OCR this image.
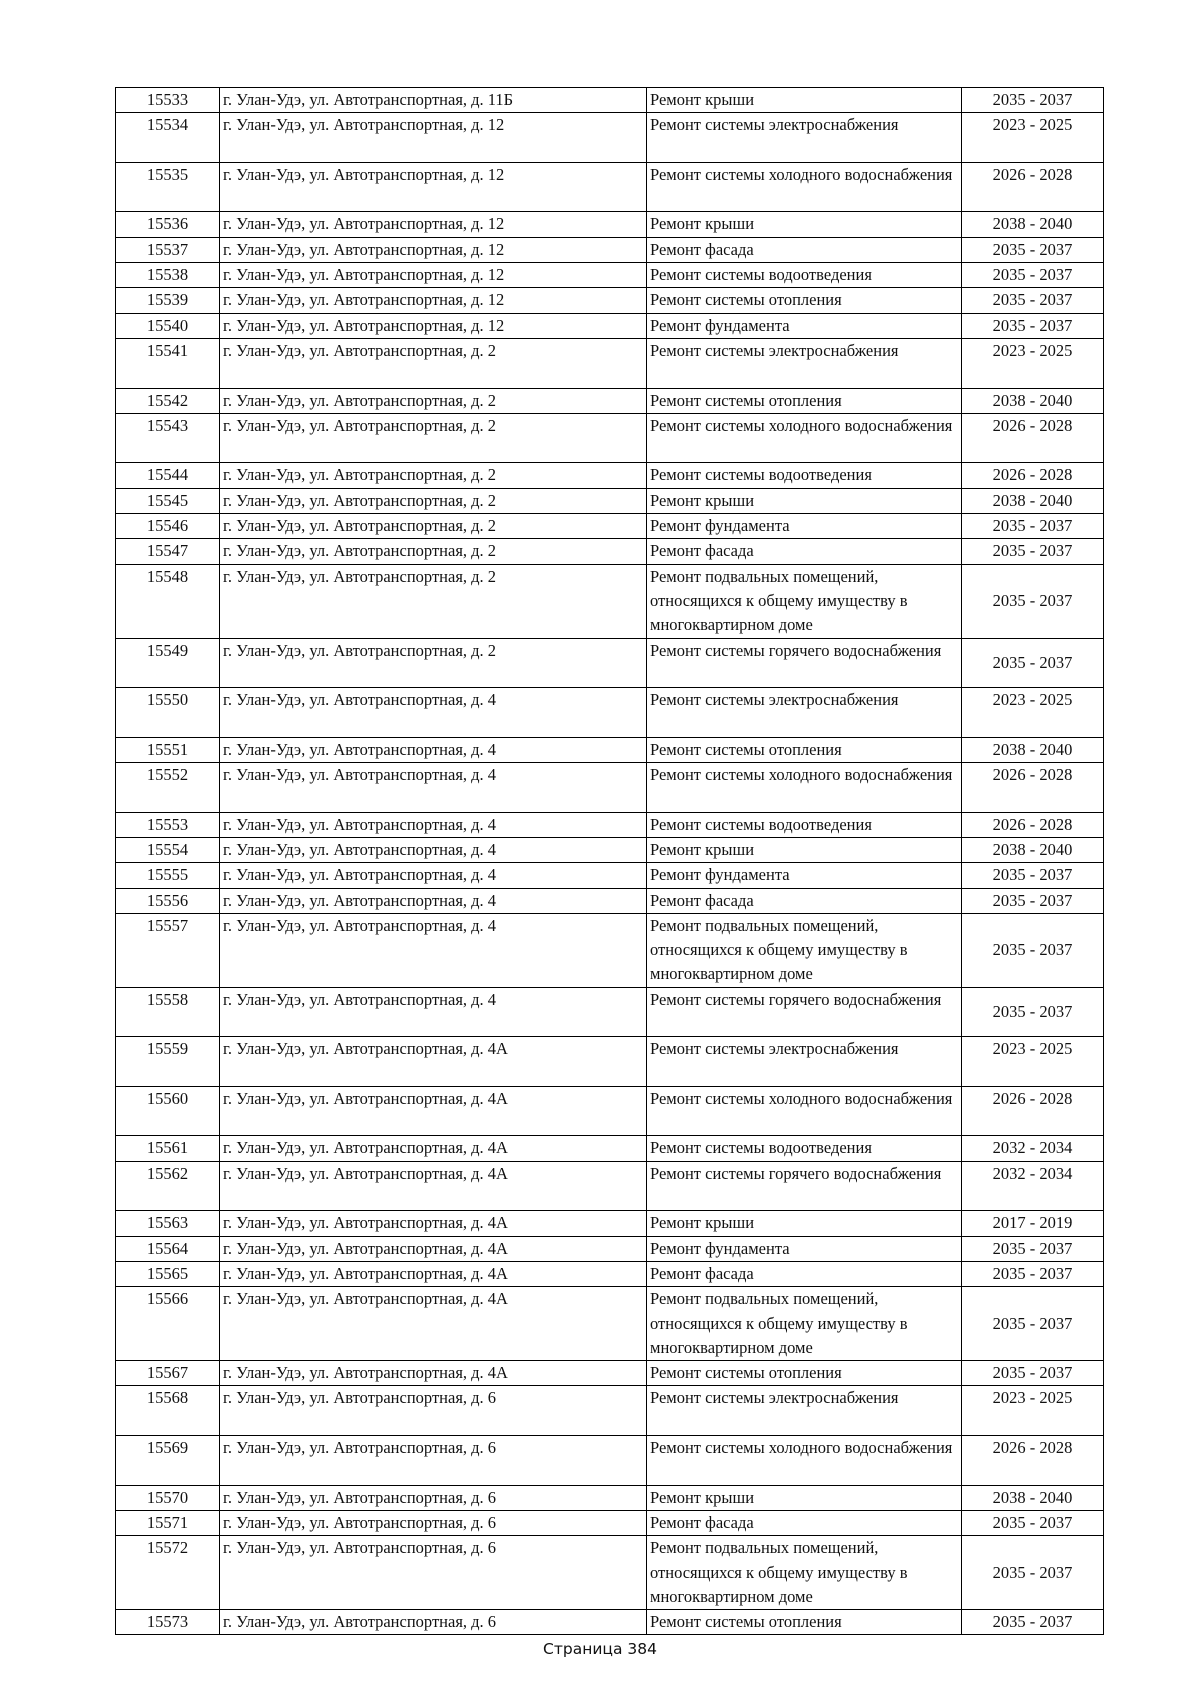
15533	г. Улан-Удэ, ул. Автотранспортная, д. 11Б	Ремонт крыши	2035 - 2037
15534	г. Улан-Удэ, ул. Автотранспортная, д. 12	Ремонт системы электроснабжения	2023 - 2025
15535	г. Улан-Удэ, ул. Автотранспортная, д. 12	Ремонт системы холодного водоснабжения	2026 - 2028
15536	г. Улан-Удэ, ул. Автотранспортная, д. 12	Ремонт крыши	2038 - 2040
15537	г. Улан-Удэ, ул. Автотранспортная, д. 12	Ремонт фасада	2035 - 2037
15538	г. Улан-Удэ, ул. Автотранспортная, д. 12	Ремонт системы водоотведения	2035 - 2037
15539	г. Улан-Удэ, ул. Автотранспортная, д. 12	Ремонт системы отопления	2035 - 2037
15540	г. Улан-Удэ, ул. Автотранспортная, д. 12	Ремонт фундамента	2035 - 2037
15541	г. Улан-Удэ, ул. Автотранспортная, д. 2	Ремонт системы электроснабжения	2023 - 2025
15542	г. Улан-Удэ, ул. Автотранспортная, д. 2	Ремонт системы отопления	2038 - 2040
15543	г. Улан-Удэ, ул. Автотранспортная, д. 2	Ремонт системы холодного водоснабжения	2026 - 2028
15544	г. Улан-Удэ, ул. Автотранспортная, д. 2	Ремонт системы водоотведения	2026 - 2028
15545	г. Улан-Удэ, ул. Автотранспортная, д. 2	Ремонт крыши	2038 - 2040
15546	г. Улан-Удэ, ул. Автотранспортная, д. 2	Ремонт фундамента	2035 - 2037
15547	г. Улан-Удэ, ул. Автотранспортная, д. 2	Ремонт фасада	2035 - 2037
15548	г. Улан-Удэ, ул. Автотранспортная, д. 2	Ремонт подвальных помещений, относящихся к общему имуществу в многоквартирном доме	2035 - 2037
15549	г. Улан-Удэ, ул. Автотранспортная, д. 2	Ремонт системы горячего водоснабжения	2035 - 2037
15550	г. Улан-Удэ, ул. Автотранспортная, д. 4	Ремонт системы электроснабжения	2023 - 2025
15551	г. Улан-Удэ, ул. Автотранспортная, д. 4	Ремонт системы отопления	2038 - 2040
15552	г. Улан-Удэ, ул. Автотранспортная, д. 4	Ремонт системы холодного водоснабжения	2026 - 2028
15553	г. Улан-Удэ, ул. Автотранспортная, д. 4	Ремонт системы водоотведения	2026 - 2028
15554	г. Улан-Удэ, ул. Автотранспортная, д. 4	Ремонт крыши	2038 - 2040
15555	г. Улан-Удэ, ул. Автотранспортная, д. 4	Ремонт фундамента	2035 - 2037
15556	г. Улан-Удэ, ул. Автотранспортная, д. 4	Ремонт фасада	2035 - 2037
15557	г. Улан-Удэ, ул. Автотранспортная, д. 4	Ремонт подвальных помещений, относящихся к общему имуществу в многоквартирном доме	2035 - 2037
15558	г. Улан-Удэ, ул. Автотранспортная, д. 4	Ремонт системы горячего водоснабжения	2035 - 2037
15559	г. Улан-Удэ, ул. Автотранспортная, д. 4А	Ремонт системы электроснабжения	2023 - 2025
15560	г. Улан-Удэ, ул. Автотранспортная, д. 4А	Ремонт системы холодного водоснабжения	2026 - 2028
15561	г. Улан-Удэ, ул. Автотранспортная, д. 4А	Ремонт системы водоотведения	2032 - 2034
15562	г. Улан-Удэ, ул. Автотранспортная, д. 4А	Ремонт системы горячего водоснабжения	2032 - 2034
15563	г. Улан-Удэ, ул. Автотранспортная, д. 4А	Ремонт крыши	2017 - 2019
15564	г. Улан-Удэ, ул. Автотранспортная, д. 4А	Ремонт фундамента	2035 - 2037
15565	г. Улан-Удэ, ул. Автотранспортная, д. 4А	Ремонт фасада	2035 - 2037
15566	г. Улан-Удэ, ул. Автотранспортная, д. 4А	Ремонт подвальных помещений, относящихся к общему имуществу в многоквартирном доме	2035 - 2037
15567	г. Улан-Удэ, ул. Автотранспортная, д. 4А	Ремонт системы отопления	2035 - 2037
15568	г. Улан-Удэ, ул. Автотранспортная, д. 6	Ремонт системы электроснабжения	2023 - 2025
15569	г. Улан-Удэ, ул. Автотранспортная, д. 6	Ремонт системы холодного водоснабжения	2026 - 2028
15570	г. Улан-Удэ, ул. Автотранспортная, д. 6	Ремонт крыши	2038 - 2040
15571	г. Улан-Удэ, ул. Автотранспортная, д. 6	Ремонт фасада	2035 - 2037
15572	г. Улан-Удэ, ул. Автотранспортная, д. 6	Ремонт подвальных помещений, относящихся к общему имуществу в многоквартирном доме	2035 - 2037
15573	г. Улан-Удэ, ул. Автотранспортная, д. 6	Ремонт системы отопления	2035 - 2037
Страница 384
